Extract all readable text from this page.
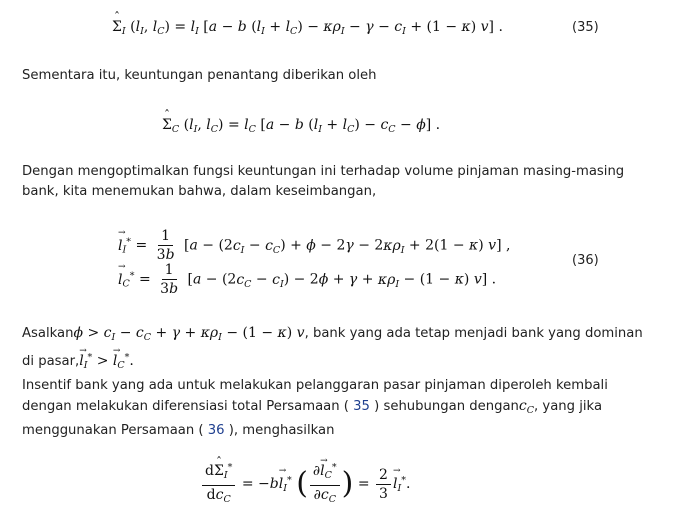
ˆ $\Sigma_I$ ($l_I$, $l_C) = l_I$ [a − b $(l_I + l_C) - \kappa\rho_I - \gamma - c_I + (1 - \kappa)$ v] .	(35)
Sementara itu, keuntungan penantang diberikan oleh
ˆ $\Sigma_C$ ($l_I$, $l_C) = l_C$ [a − b $(l_I + l_C) - c_C - \phi$] .
Dengan mengoptimalkan fungsi keuntungan ini terhadap volume pinjaman masing-masing bank, kita menemukan bahwa, dalam keseimbangan,
→ $l_I^* = \frac{1}{3b} [a - (2c_I - c_C) + \phi - 2\gamma - 2\kappa\rho_I + 2(1 - \kappa)$ v] ,
→ $l_C^* = \frac{1}{3b} [a - (2c_C - c_I) - 2\phi + \gamma + \kappa\rho_I - (1 - \kappa)$ v] .
(36)
Asalkanϕ > $c_I - c_C + \gamma + \kappa\rho_I - (1 - \kappa)$ v, bank yang ada tetap menjadi bank yang dominan di pasar,→ $l_I^*$ > → $l_C^*$.
Insentif bank yang ada untuk melakukan pelanggaran pasar pinjaman diperoleh kembali dengan melakukan diferensiasi total Persamaan ( 35 ) sehubungan denganc$_C$, yang jika menggunakan Persamaan ( 36 ), menghasilkan
$\frac{dˆ \Sigma_I^*}{dc_C} = -b\to l_I^*$ ( $\frac{\partial\to l_C^*}{\partial c_C}$ ) = $\frac{2}{3}$
→ $l_I^*$.
